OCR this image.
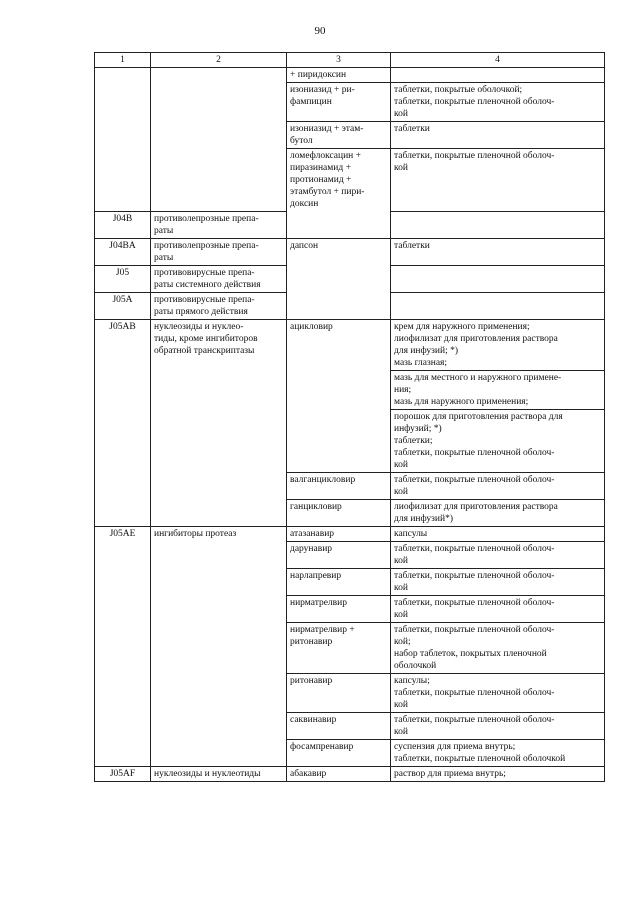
90
1	2	3	4

		+ пиридоксин	

		изониазид + ри-
фампицин	таблетки, покрытые оболочкой;
таблетки, покрытые пленочной оболоч-
кой

		изониазид + этам-
бутол	таблетки

		ломефлоксацин +
пиразинамид +
протионамид +
этамбутол + пири-
доксин	таблетки, покрытые пленочной оболоч-
кой

J04B	противолепрозные препа-
раты		

J04BA	противолепрозные препа-
раты	дапсон	таблетки

J05	противовирусные препа-
раты системного действия		

J05A	противовирусные препа-
раты прямого действия		

J05AB	нуклеозиды и нуклео-
тиды, кроме ингибиторов
обратной транскриптазы	ацикловир	крем для наружного применения;
лиофилизат для приготовления раствора
для инфузий; *)
мазь глазная;

			мазь для местного и наружного примене-
ния;
мазь для наружного применения;

			порошок для приготовления раствора для
инфузий; *)
таблетки;
таблетки, покрытые пленочной оболоч-
кой

		валганцикловир	таблетки, покрытые пленочной оболоч-
кой

		ганцикловир	лиофилизат для приготовления раствора
для инфузий*)

J05AE	ингибиторы протеаз	атазанавир	капсулы

		дарунавир	таблетки, покрытые пленочной оболоч-
кой

		нарлапревир	таблетки, покрытые пленочной оболоч-
кой

		нирматрелвир	таблетки, покрытые пленочной оболоч-
кой

		нирматрелвир +
ритонавир	таблетки, покрытые пленочной оболоч-
кой;
набор таблеток, покрытых пленочной
оболочкой

		ритонавир	капсулы;
таблетки, покрытые пленочной оболоч-
кой

		саквинавир	таблетки, покрытые пленочной оболоч-
кой

		фосампренавир	суспензия для приема внутрь;
таблетки, покрытые пленочной оболочкой

J05AF	нуклеозиды и нуклеотиды	абакавир	раствор для приема внутрь;
